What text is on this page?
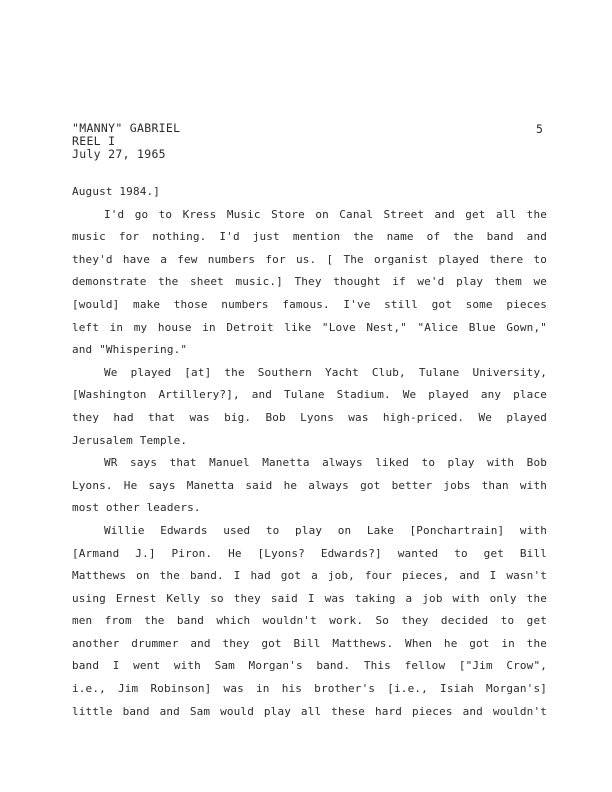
"MANNY" GABRIEL
REEL I
July 27, 1965
5
August 1984.]
I'd go to Kress Music Store on Canal Street and get all the
music for nothing. I'd just mention the name of the band and
they'd have a few numbers for us. [ The organist played there to
demonstrate the sheet music.] They thought if we'd play them we
[would] make those numbers famous. I've still got some pieces
left in my house in Detroit like "Love Nest," "Alice Blue Gown,"
and "Whispering."
We played [at] the Southern Yacht Club, Tulane University,
[Washington Artillery?], and Tulane Stadium. We played any place
they had that was big. Bob Lyons was high-priced. We played
Jerusalem Temple.
WR says that Manuel Manetta always liked to play with Bob
Lyons. He says Manetta said he always got better jobs than with
most other leaders.
Willie Edwards used to play on Lake [Ponchartrain] with
[Armand J.] Piron. He [Lyons? Edwards?] wanted to get Bill
Matthews on the band. I had got a job, four pieces, and I wasn't
using Ernest Kelly so they said I was taking a job with only the
men from the band which wouldn't work. So they decided to get
another drummer and they got Bill Matthews. When he got in the
band I went with Sam Morgan's band. This fellow ["Jim Crow",
i.e., Jim Robinson] was in his brother's [i.e., Isiah Morgan's]
little band and Sam would play all these hard pieces and wouldn't
